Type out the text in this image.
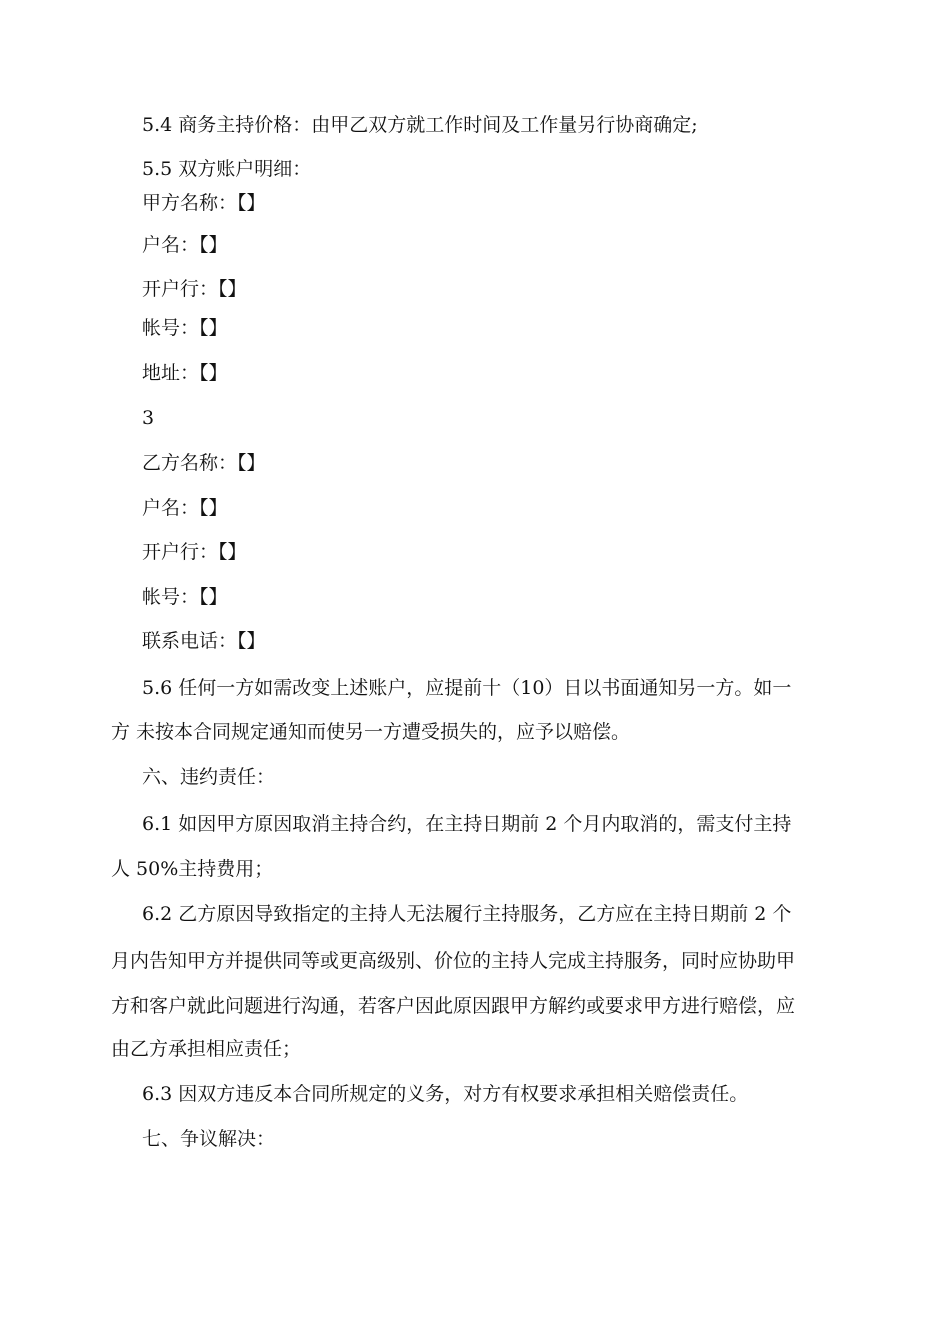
5.4 商务主持价格：由甲乙双方就工作时间及工作量另行协商确定;
5.5 双方账户明细：
甲方名称：【】
户名：【】
开户行：【】
帐号：【】
地址：【】
3
乙方名称：【】
户名：【】
开户行：【】
帐号：【】
联系电话：【】
5.6 任何一方如需改变上述账户，应提前十（10）日以书面通知另一方。如一
方 未按本合同规定通知而使另一方遭受损失的，应予以赔偿。
六、违约责任：
6.1 如因甲方原因取消主持合约，在主持日期前 2 个月内取消的，需支付主持
人 50%主持费用；
6.2 乙方原因导致指定的主持人无法履行主持服务，乙方应在主持日期前 2 个
月内告知甲方并提供同等或更高级别、价位的主持人完成主持服务，同时应协助甲
方和客户就此问题进行沟通，若客户因此原因跟甲方解约或要求甲方进行赔偿，应
由乙方承担相应责任；
6.3 因双方违反本合同所规定的义务，对方有权要求承担相关赔偿责任。
七、争议解决：
